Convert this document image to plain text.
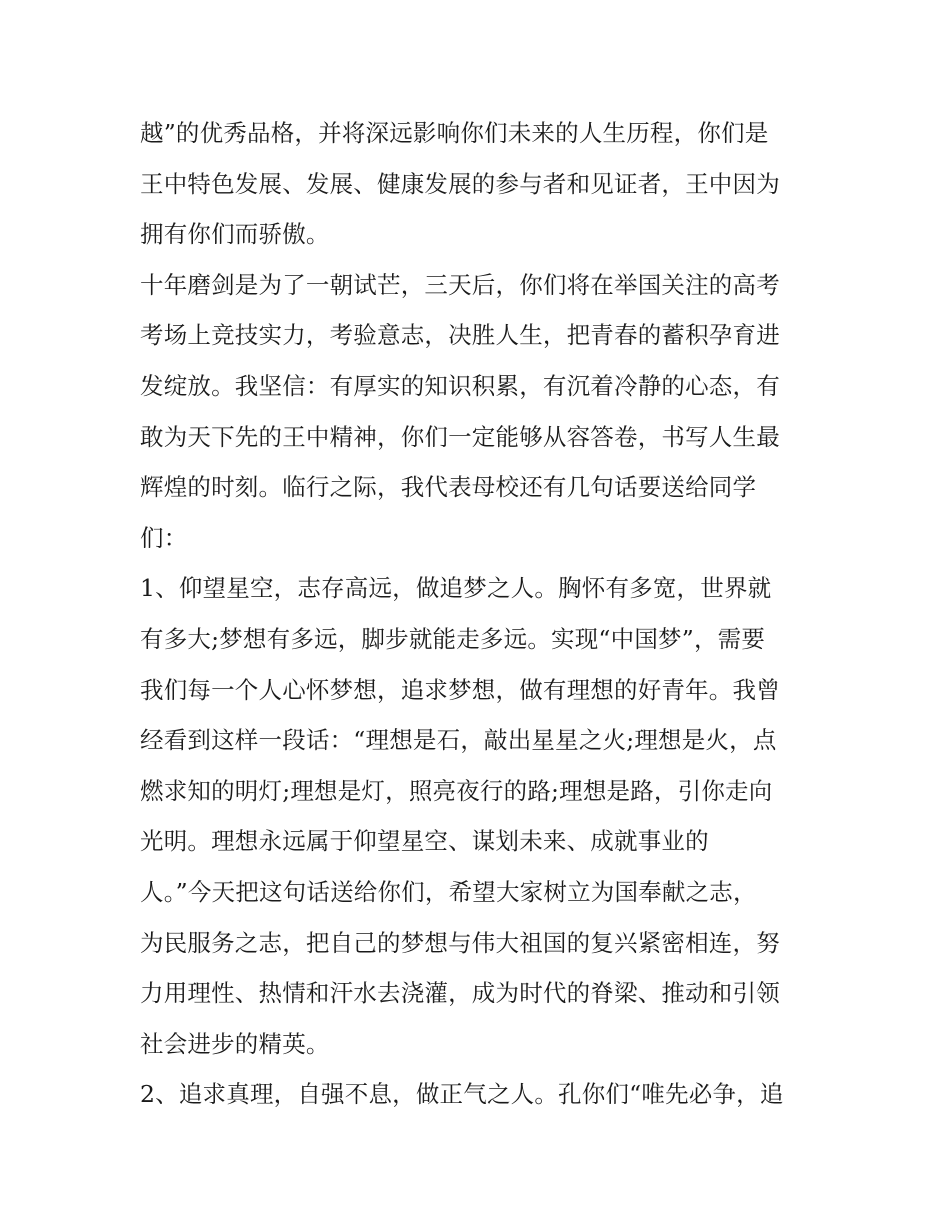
越”的优秀品格，并将深远影响你们未来的人生历程，你们是
王中特色发展、发展、健康发展的参与者和见证者，王中因为
拥有你们而骄傲。
十年磨剑是为了一朝试芒，三天后，你们将在举国关注的高考
考场上竞技实力，考验意志，决胜人生，把青春的蓄积孕育进
发绽放。我坚信：有厚实的知识积累，有沉着冷静的心态，有
敢为天下先的王中精神，你们一定能够从容答卷，书写人生最
辉煌的时刻。临行之际，我代表母校还有几句话要送给同学
们：
1、仰望星空，志存高远，做追梦之人。胸怀有多宽，世界就
有多大;梦想有多远，脚步就能走多远。实现“中国梦”，需要
我们每一个人心怀梦想，追求梦想，做有理想的好青年。我曾
经看到这样一段话：“理想是石，敲出星星之火;理想是火，点
燃求知的明灯;理想是灯，照亮夜行的路;理想是路，引你走向
光明。理想永远属于仰望星空、谋划未来、成就事业的
人。”今天把这句话送给你们，希望大家树立为国奉献之志，
为民服务之志，把自己的梦想与伟大祖国的复兴紧密相连，努
力用理性、热情和汗水去浇灌，成为时代的脊梁、推动和引领
社会进步的精英。
2、追求真理，自强不息，做正气之人。孔你们“唯先必争，追
